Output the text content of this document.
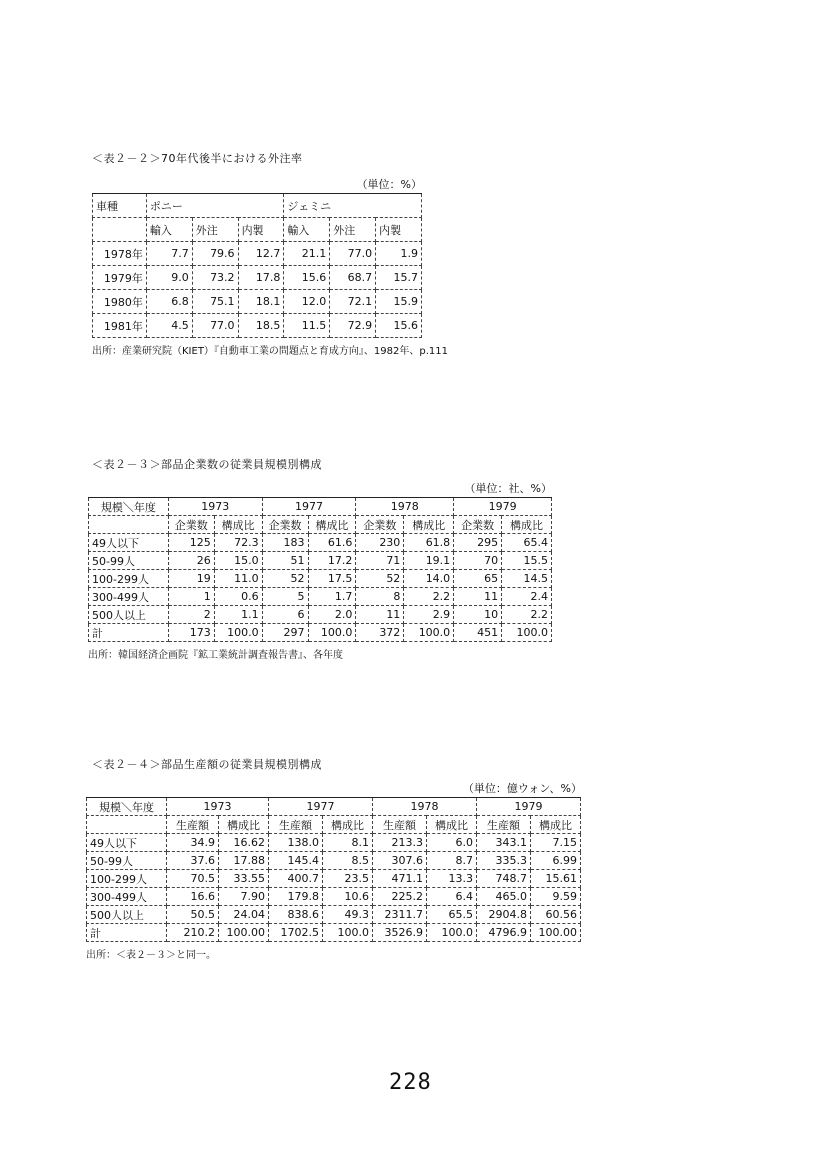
＜表２－２＞70年代後半における外注率
（単位：%）
車種	ポニー			ジェミニ		
	輸入	外注	内製	輸入	外注	内製
1978年	7.7	79.6	12.7	21.1	77.0	1.9
1979年	9.0	73.2	17.8	15.6	68.7	15.7
1980年	6.8	75.1	18.1	12.0	72.1	15.9
1981年	4.5	77.0	18.5	11.5	72.9	15.6
出所：産業研究院（KIET）『自動車工業の問題点と育成方向』、1982年、p.111
＜表２－３＞部品企業数の従業員規模別構成
（単位：社、%）
規模＼年度	1973		1977		1978		1979	
	企業数	構成比	企業数	構成比	企業数	構成比	企業数	構成比
49人以下	125	72.3	183	61.6	230	61.8	295	65.4
50-99人	26	15.0	51	17.2	71	19.1	70	15.5
100-299人	19	11.0	52	17.5	52	14.0	65	14.5
300-499人	1	0.6	5	1.7	8	2.2	11	2.4
500人以上	2	1.1	6	2.0	11	2.9	10	2.2
計	173	100.0	297	100.0	372	100.0	451	100.0
出所：韓国経済企画院『鉱工業統計調査報告書』、各年度
＜表２－４＞部品生産額の従業員規模別構成
（単位：億ウォン、%）
規模＼年度	1973		1977		1978		1979	
	生産額	構成比	生産額	構成比	生産額	構成比	生産額	構成比
49人以下	34.9	16.62	138.0	8.1	213.3	6.0	343.1	7.15
50-99人	37.6	17.88	145.4	8.5	307.6	8.7	335.3	6.99
100-299人	70.5	33.55	400.7	23.5	471.1	13.3	748.7	15.61
300-499人	16.6	7.90	179.8	10.6	225.2	6.4	465.0	9.59
500人以上	50.5	24.04	838.6	49.3	2311.7	65.5	2904.8	60.56
計	210.2	100.00	1702.5	100.0	3526.9	100.0	4796.9	100.00
出所：＜表２－３＞と同一。
228
